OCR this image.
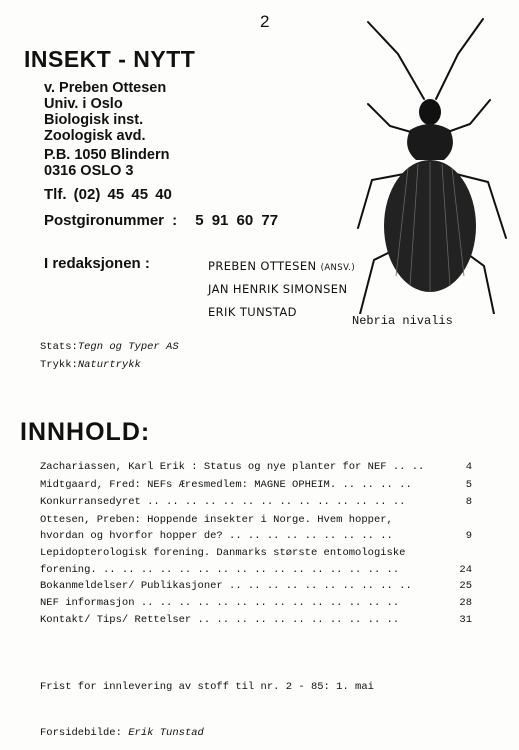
2
INSEKT - NYTT
v. Preben Ottesen
Univ. i Oslo
Biologisk inst.
Zoologisk avd.
P.B. 1050 Blindern
0316 OSLO 3
Tlf. (02) 45 45 40
Postgironummer : 5 91 60 77
I redaksjonen :	PREBEN OTTESEN (ANSV.)
JAN HENRIK SIMONSEN
ERIK TUNSTAD
Nebria nivalis
Stats:Tegn og Typer AS
Trykk:Naturtrykk
INNHOLD:
Zachariassen, Karl Erik : Status og nye planter for NEF .. ..	4
Midtgaard, Fred: NEFs Æresmedlem: MAGNE OPHEIM. .. .. .. ..	5
Konkurransedyret .. .. .. .. .. .. .. .. .. .. .. .. .. ..	8
Ottesen, Preben: Hoppende insekter i Norge. Hvem hopper,
hvordan og hvorfor hopper de? .. .. .. .. .. .. .. .. ..	9
Lepidopterologisk forening. Danmarks største entomologiske
forening. .. .. .. .. .. .. .. .. .. .. .. .. .. .. .. ..	24
Bokanmeldelser/ Publikasjoner .. .. .. .. .. .. .. .. .. ..	25
NEF informasjon .. .. .. .. .. .. .. .. .. .. .. .. .. ..	28
Kontakt/ Tips/ Rettelser .. .. .. .. .. .. .. .. .. .. ..	31
Frist for innlevering av stoff til nr. 2 - 85: 1. mai
Forsidebilde: Erik Tunstad
